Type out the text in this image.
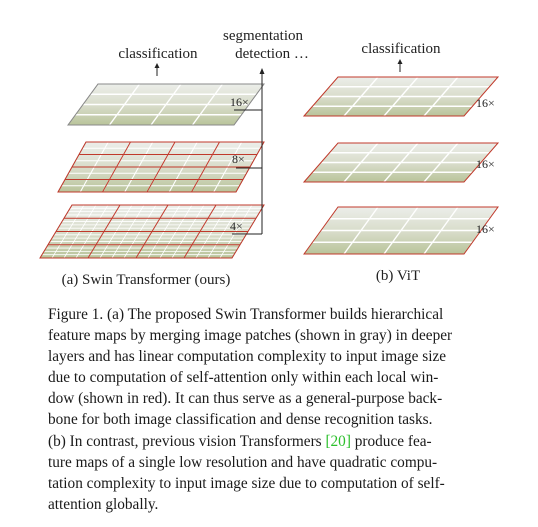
classification
16×
8×
4×
segmentation
detection …
(a) Swin Transformer (ours)
classification
16×
16×
16×
(b) ViT
Figure 1. (a) The proposed Swin Transformer builds hierarchical
feature maps by merging image patches (shown in gray) in deeper
layers and has linear computation complexity to input image size
due to computation of self-attention only within each local win-
dow (shown in red). It can thus serve as a general-purpose back-
bone for both image classification and dense recognition tasks.
(b) In contrast, previous vision Transformers [20] produce fea-
ture maps of a single low resolution and have quadratic compu-
tation complexity to input image size due to computation of self-
attention globally.
